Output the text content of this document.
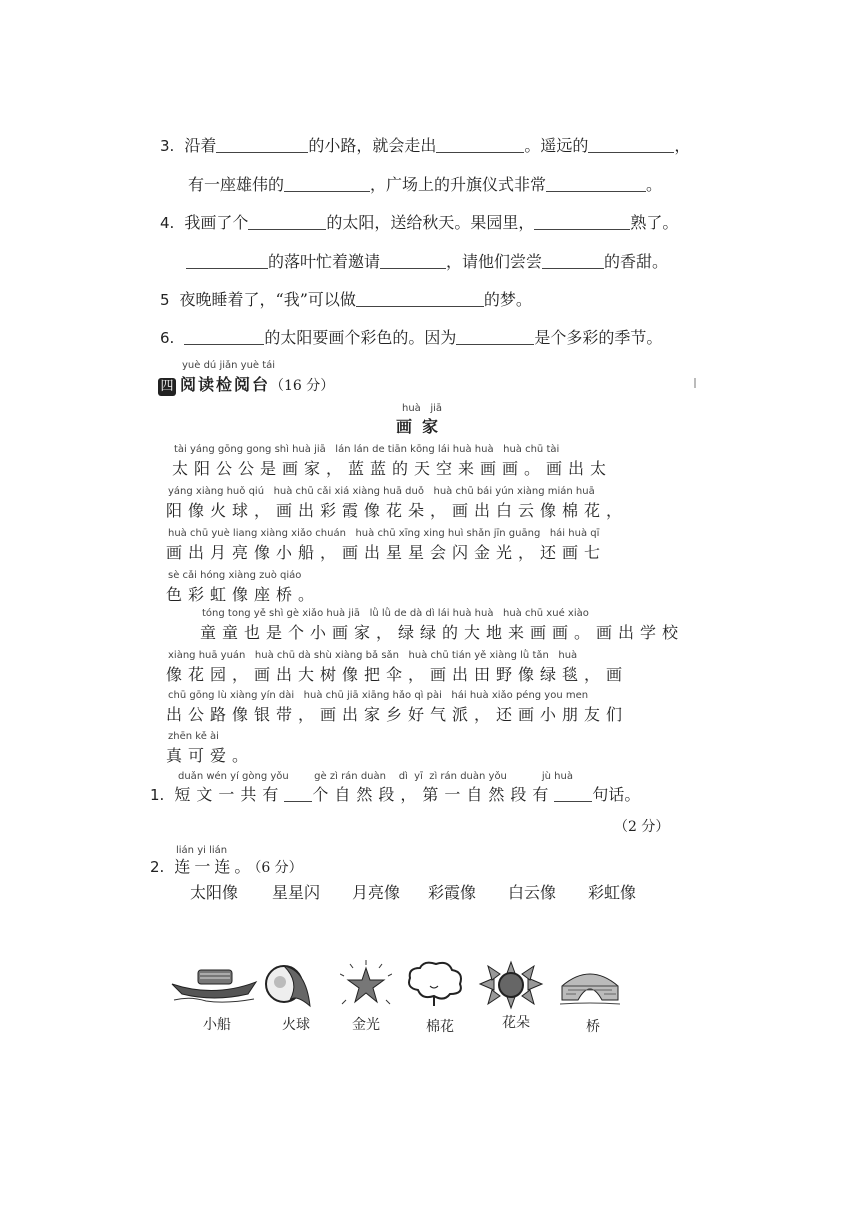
3. 沿着	的小路，就会走出	。遥远的	，
有一座雄伟的	，广场上的升旗仪式非常	。
4. 我画了个	的太阳，送给秋天。果园里，	熟了。
的落叶忙着邀请	，请他们尝尝	的香甜。
5 夜晚睡着了，“我”可以做	的梦。
6.	的太阳要画个彩色的。因为	是个多彩的季节。
yuè dú jiǎn yuè tái
四 阅读检阅台（16 分）
huà   jiā
画家
tài yáng gōng gong shì huà jiā   lán lán de tiān kōng lái huà huà   huà chū tài
太阳公公是画家，蓝蓝的天空来画画。画出太
yáng xiàng huǒ qiú   huà chū cǎi xiá xiàng huā duǒ   huà chū bái yún xiàng mián huā
阳像火球，画出彩霞像花朵，画出白云像棉花，
huà chū yuè liang xiàng xiǎo chuán   huà chū xīng xing huì shǎn jīn guāng   hái huà qī
画出月亮像小船，画出星星会闪金光，还画七
sè cǎi hóng xiàng zuò qiáo
色彩虹像座桥。
tóng tong yě shì gè xiǎo huà jiā   lǜ lǜ de dà dì lái huà huà   huà chū xué xiào
童童也是个小画家，绿绿的大地来画画。画出学校
xiàng huā yuán   huà chū dà shù xiàng bǎ sǎn   huà chū tián yě xiàng lǜ tǎn   huà
像花园，画出大树像把伞，画出田野像绿毯，画
chū gōng lù xiàng yín dài   huà chū jiā xiāng hǎo qì pài   hái huà xiǎo péng you men
出公路像银带，画出家乡好气派，还画小朋友们
zhēn kě ài
真可爱。
duǎn wén yí gòng yǒu        gè zì rán duàn    dì  yī  zì rán duàn yǒu           jù huà
1. 短文一共有 个自然段，第一自然段有 句话。
（2 分）
lián yi lián
2. 连一连。（6 分）
太阳像 星星闪 月亮像 彩霞像 白云像 彩虹像
小船	火球	金光	棉花	花朵	桥
